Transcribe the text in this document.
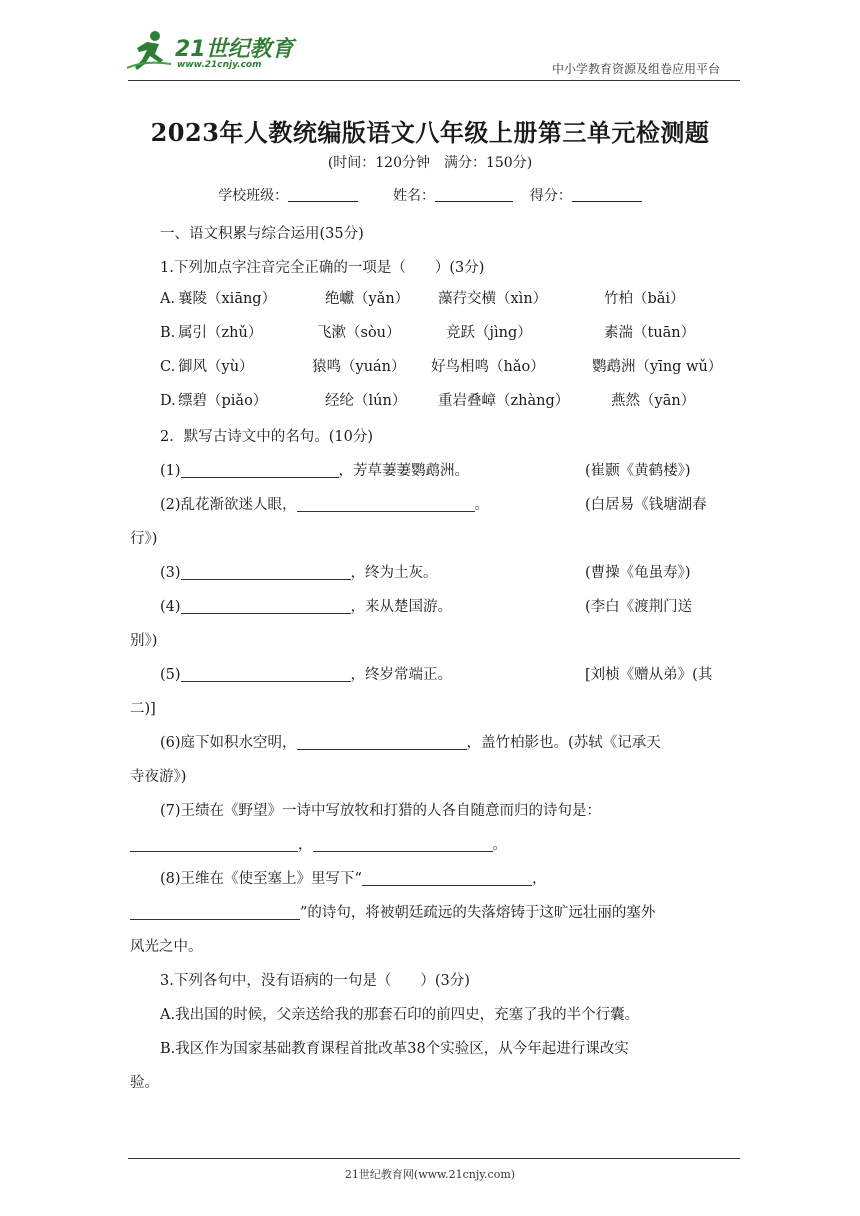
21世纪教育
www.21cnjy.com	中小学教育资源及组卷应用平台
2023年人教统编版语文八年级上册第三单元检测题
(时间：120分钟　满分：150分)
学校班级：	姓名：	得分：
一、语文积累与综合运用(35分)
1.下列加点字注音完全正确的一项是（　　）(3分)
A. 襄陵（xiāng）	绝巘（yǎn） 藻荇交横（xìn）	竹柏（bǎi）
B. 属引（zhǔ）	飞漱（sòu）	竞跃（jìng）	素湍（tuān）
C. 御风（yù）	猿鸣（yuán） 好鸟相鸣（hǎo）	鹦鹉洲（yīng wǔ）
D. 缥碧（piǎo）	经纶（lún） 重岩叠嶂（zhàng）	燕然（yān）
2．默写古诗文中的名句。(10分)
(1)	，芳草萋萋鹦鹉洲。	(崔颢《黄鹤楼》)
(2)乱花渐欲迷人眼，	。	(白居易《钱塘湖春
行》)
(3)	，终为土灰。	(曹操《龟虽寿》)
(4)	，来从楚国游。	(李白《渡荆门送
别》)
(5)	，终岁常端正。	[刘桢《赠从弟》(其
二)]
(6)庭下如积水空明，	，盖竹柏影也。(苏轼《记承天
寺夜游》)
(7)王绩在《野望》一诗中写放牧和打猎的人各自随意而归的诗句是：
，	。
(8)王维在《使至塞上》里写下“	，
”的诗句，将被朝廷疏远的失落熔铸于这旷远壮丽的塞外
风光之中。
3.下列各句中，没有语病的一句是（　　）(3分)
A.我出国的时候，父亲送给我的那套石印的前四史，充塞了我的半个行囊。
B.我区作为国家基础教育课程首批改革38个实验区，从今年起进行课改实
验。
21世纪教育网(www.21cnjy.com)
